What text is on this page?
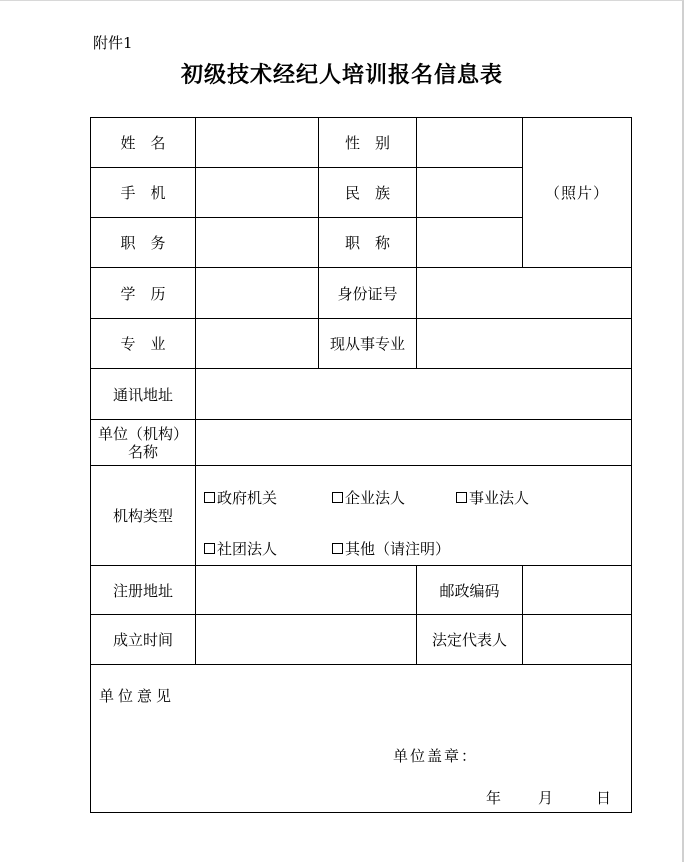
附件1
初级技术经纪人培训报名信息表
姓　名		性　别		（照片）
手　机		民　族		
职　务		职　称		
学　历		身份证号		
专　业		现从事专业		
通讯地址				
单位（机构）
名称				
机构类型	政府机关 企业法人 事业法人
社团法人 其他（请注明）			

注册地址			邮政编码	
成立时间			法定代表人	

单位意见
单位盖章：
年 月 日				
